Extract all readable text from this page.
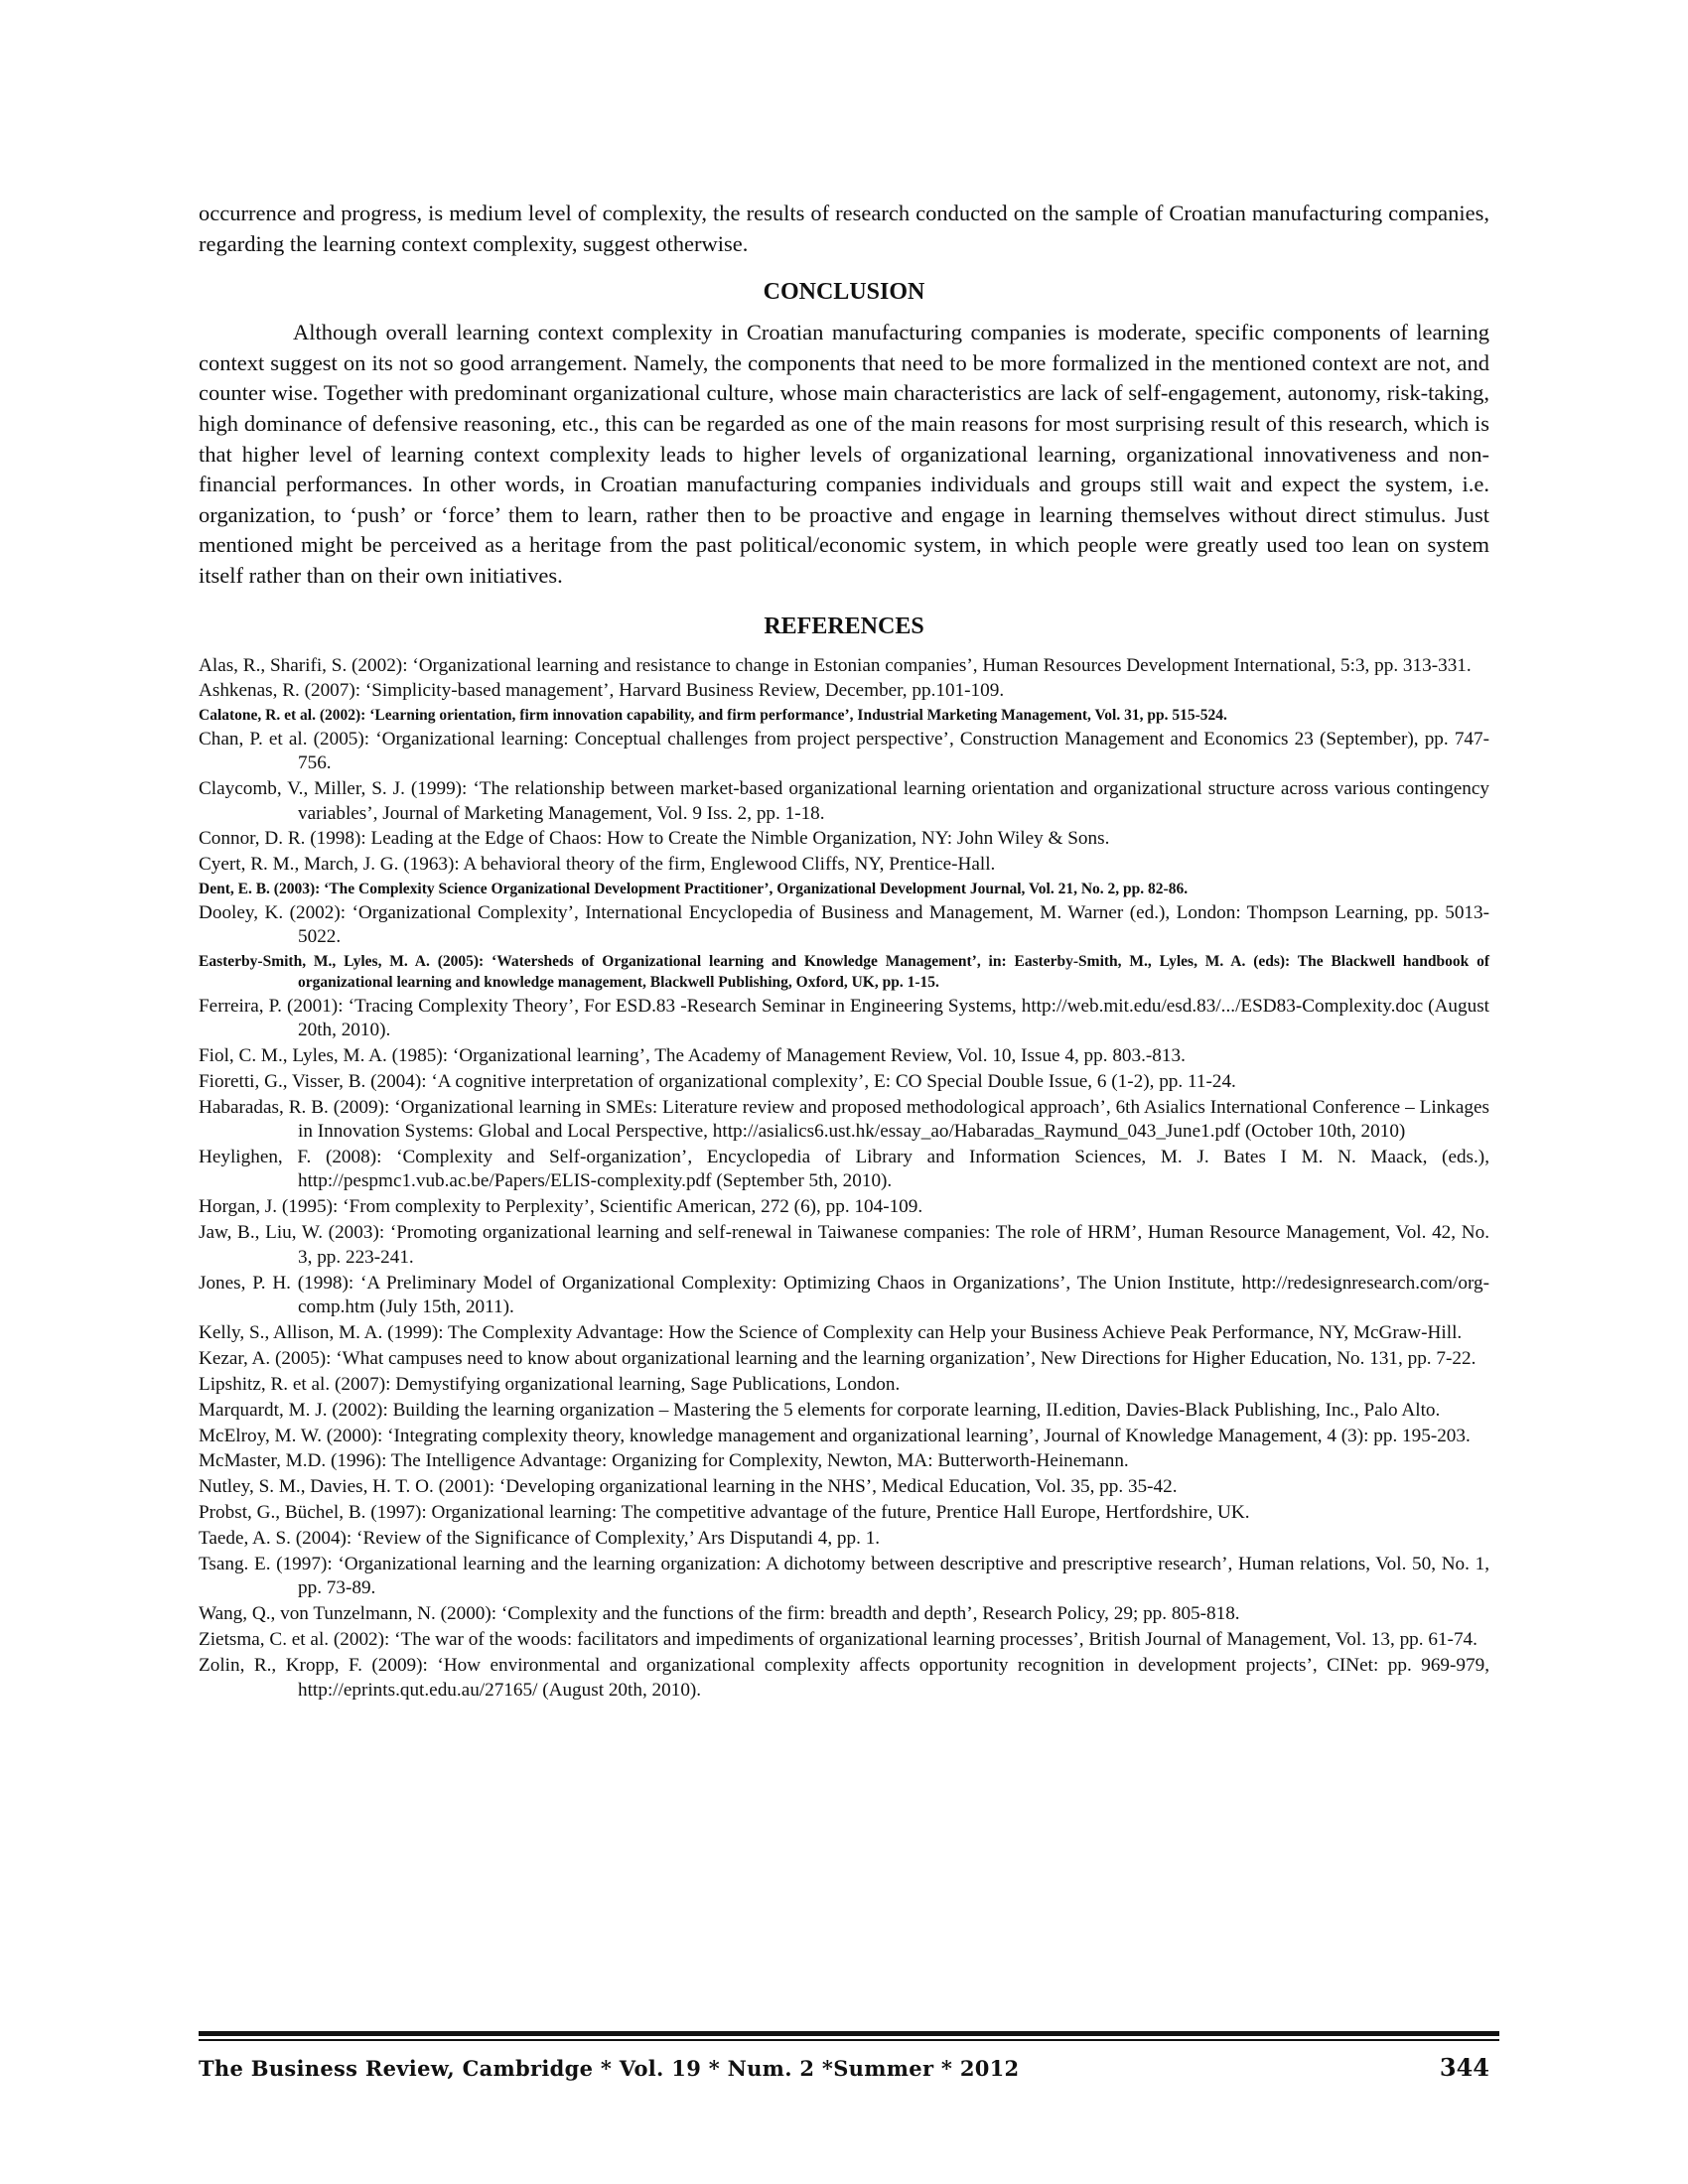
occurrence and progress, is medium level of complexity, the results of research conducted on the sample of Croatian manufacturing companies, regarding the learning context complexity, suggest otherwise.

CONCLUSION

Although overall learning context complexity in Croatian manufacturing companies is moderate, specific components of learning context suggest on its not so good arrangement. Namely, the components that need to be more formalized in the mentioned context are not, and counter wise. Together with predominant organizational culture, whose main characteristics are lack of self-engagement, autonomy, risk-taking, high dominance of defensive reasoning, etc., this can be regarded as one of the main reasons for most surprising result of this research, which is that higher level of learning context complexity leads to higher levels of organizational learning, organizational innovativeness and non-financial performances. In other words, in Croatian manufacturing companies individuals and groups still wait and expect the system, i.e. organization, to ‘push’ or ‘force’ them to learn, rather then to be proactive and engage in learning themselves without direct stimulus. Just mentioned might be perceived as a heritage from the past political/economic system, in which people were greatly used too lean on system itself rather than on their own initiatives.

REFERENCES

Alas, R., Sharifi, S. (2002): ‘Organizational learning and resistance to change in Estonian companies’, Human Resources Development International, 5:3, pp. 313-331.

Ashkenas, R. (2007): ‘Simplicity-based management’, Harvard Business Review, December, pp.101-109.

Calatone, R. et al. (2002): ‘Learning orientation, firm innovation capability, and firm performance’, Industrial Marketing Management, Vol. 31, pp. 515-524.

Chan, P. et al. (2005): ‘Organizational learning: Conceptual challenges from project perspective’, Construction Management and Economics 23 (September), pp. 747-756.

Claycomb, V., Miller, S. J. (1999): ‘The relationship between market-based organizational learning orientation and organizational structure across various contingency variables’, Journal of Marketing Management, Vol. 9 Iss. 2, pp. 1-18.

Connor, D. R. (1998): Leading at the Edge of Chaos: How to Create the Nimble Organization, NY: John Wiley & Sons.

Cyert, R. M., March, J. G. (1963): A behavioral theory of the firm, Englewood Cliffs, NY, Prentice-Hall.

Dent, E. B. (2003): ‘The Complexity Science Organizational Development Practitioner’, Organizational Development Journal, Vol. 21, No. 2, pp. 82-86.

Dooley, K. (2002): ‘Organizational Complexity’, International Encyclopedia of Business and Management, M. Warner (ed.), London: Thompson Learning, pp. 5013-5022.

Easterby-Smith, M., Lyles, M. A. (2005): ‘Watersheds of Organizational learning and Knowledge Management’, in: Easterby-Smith, M., Lyles, M. A. (eds): The Blackwell handbook of organizational learning and knowledge management, Blackwell Publishing, Oxford, UK, pp. 1-15.

Ferreira, P. (2001): ‘Tracing Complexity Theory’, For ESD.83 -Research Seminar in Engineering Systems, http://web.mit.edu/esd.83/.../ESD83-Complexity.doc (August 20th, 2010).

Fiol, C. M., Lyles, M. A. (1985): ‘Organizational learning’, The Academy of Management Review, Vol. 10, Issue 4, pp. 803.-813.

Fioretti, G., Visser, B. (2004): ‘A cognitive interpretation of organizational complexity’, E: CO Special Double Issue, 6 (1-2), pp. 11-24.

Habaradas, R. B. (2009): ‘Organizational learning in SMEs: Literature review and proposed methodological approach’, 6th Asialics International Conference – Linkages in Innovation Systems: Global and Local Perspective, http://asialics6.ust.hk/essay_ao/Habaradas_Raymund_043_June1.pdf (October 10th, 2010)

Heylighen, F. (2008): ‘Complexity and Self-organization’, Encyclopedia of Library and Information Sciences, M. J. Bates I M. N. Maack, (eds.), http://pespmc1.vub.ac.be/Papers/ELIS-complexity.pdf (September 5th, 2010).

Horgan, J. (1995): ‘From complexity to Perplexity’, Scientific American, 272 (6), pp. 104-109.

Jaw, B., Liu, W. (2003): ‘Promoting organizational learning and self-renewal in Taiwanese companies: The role of HRM’, Human Resource Management, Vol. 42, No. 3, pp. 223-241.

Jones, P. H. (1998): ‘A Preliminary Model of Organizational Complexity: Optimizing Chaos in Organizations’, The Union Institute, http://redesignresearch.com/org-comp.htm (July 15th, 2011).

Kelly, S., Allison, M. A. (1999): The Complexity Advantage: How the Science of Complexity can Help your Business Achieve Peak Performance, NY, McGraw-Hill.

Kezar, A. (2005): ‘What campuses need to know about organizational learning and the learning organization’, New Directions for Higher Education, No. 131, pp. 7-22.

Lipshitz, R. et al. (2007): Demystifying organizational learning, Sage Publications, London.

Marquardt, M. J. (2002): Building the learning organization – Mastering the 5 elements for corporate learning, II.edition, Davies-Black Publishing, Inc., Palo Alto.

McElroy, M. W. (2000): ‘Integrating complexity theory, knowledge management and organizational learning’, Journal of Knowledge Management, 4 (3): pp. 195-203.

McMaster, M.D. (1996): The Intelligence Advantage: Organizing for Complexity, Newton, MA: Butterworth-Heinemann.

Nutley, S. M., Davies, H. T. O. (2001): ‘Developing organizational learning in the NHS’, Medical Education, Vol. 35, pp. 35-42.

Probst, G., Büchel, B. (1997): Organizational learning: The competitive advantage of the future, Prentice Hall Europe, Hertfordshire, UK.

Taede, A. S. (2004): ‘Review of the Significance of Complexity,’ Ars Disputandi 4, pp. 1.

Tsang. E. (1997): ‘Organizational learning and the learning organization: A dichotomy between descriptive and prescriptive research’, Human relations, Vol. 50, No. 1, pp. 73-89.

Wang, Q., von Tunzelmann, N. (2000): ‘Complexity and the functions of the firm: breadth and depth’, Research Policy, 29; pp. 805-818.

Zietsma, C. et al. (2002): ‘The war of the woods: facilitators and impediments of organizational learning processes’, British Journal of Management, Vol. 13, pp. 61-74.

Zolin, R., Kropp, F. (2009): ‘How environmental and organizational complexity affects opportunity recognition in development projects’, CINet: pp. 969-979, http://eprints.qut.edu.au/27165/ (August 20th, 2010).

The Business Review, Cambridge * Vol. 19 * Num. 2 *Summer * 2012	344
